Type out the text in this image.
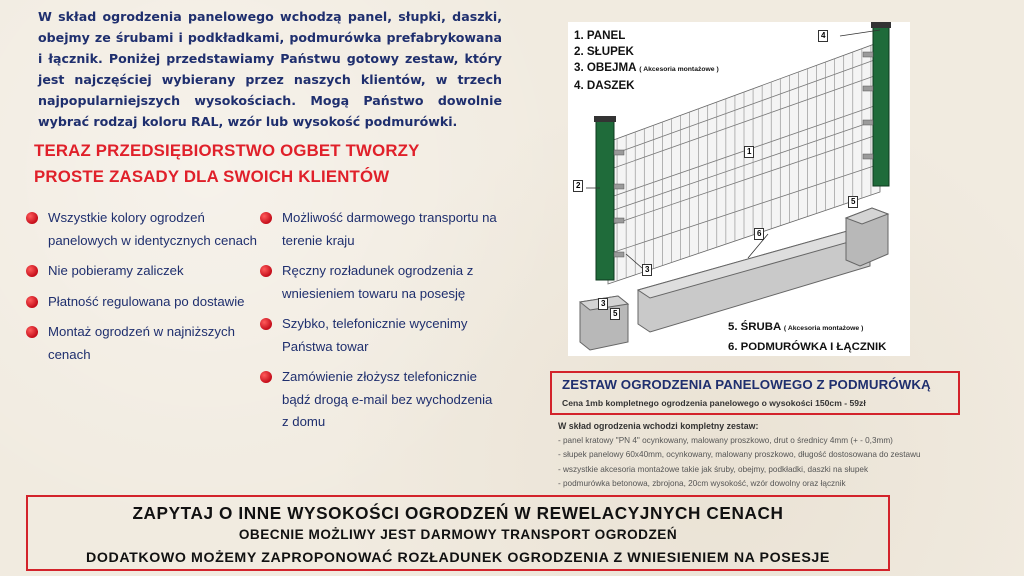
W skład ogrodzenia panelowego wchodzą panel, słupki, daszki, obejmy ze śrubami i podkładkami, podmurówka prefabrykowana i łącznik. Poniżej przedstawiamy Państwu gotowy zestaw, który jest najczęściej wybierany przez naszych klientów, w trzech najpopularniejszych wysokościach. Mogą Państwo dowolnie wybrać rodzaj koloru RAL, wzór lub wysokość podmurówki.
TERAZ PRZEDSIĘBIORSTWO OGBET TWORZY
PROSTE ZASADY DLA SWOICH KLIENTÓW
Wszystkie kolory ogrodzeń panelowych w identycznych cenach
Nie pobieramy zaliczek
Płatność regulowana po dostawie
Montaż ogrodzeń w najniższych cenach
Możliwość darmowego transportu na terenie kraju
Ręczny rozładunek ogrodzenia z wniesieniem towaru na posesję
Szybko, telefonicznie wycenimy Państwa towar
Zamówienie złożysz telefonicznie bądź drogą e-mail bez wychodzenia z domu
1. PANEL
2. SŁUPEK
3. OBEJMA ( Akcesoria montażowe )
4. DASZEK
5. ŚRUBA ( Akcesoria montażowe )
6. PODMURÓWKA I ŁĄCZNIK
1
2
3
3
4
5
5
6
ZESTAW OGRODZENIA PANELOWEGO Z PODMURÓWKĄ
Cena 1mb kompletnego ogrodzenia panelowego o wysokości 150cm - 59zł
W skład ogrodzenia wchodzi kompletny zestaw:
- panel kratowy "PN 4" ocynkowany, malowany proszkowo, drut o średnicy 4mm (+ - 0,3mm)
- słupek panelowy 60x40mm, ocynkowany, malowany proszkowo, długość dostosowana do zestawu
- wszystkie akcesoria montażowe takie jak śruby, obejmy, podkładki, daszki na słupek
- podmurówka betonowa, zbrojona, 20cm wysokość, wzór dowolny oraz łącznik
ZAPYTAJ O INNE WYSOKOŚCI OGRODZEŃ W REWELACYJNYCH CENACH
OBECNIE MOŻLIWY JEST DARMOWY TRANSPORT OGRODZEŃ
DODATKOWO MOŻEMY ZAPROPONOWAĆ ROZŁADUNEK OGRODZENIA Z WNIESIENIEM NA POSESJE
